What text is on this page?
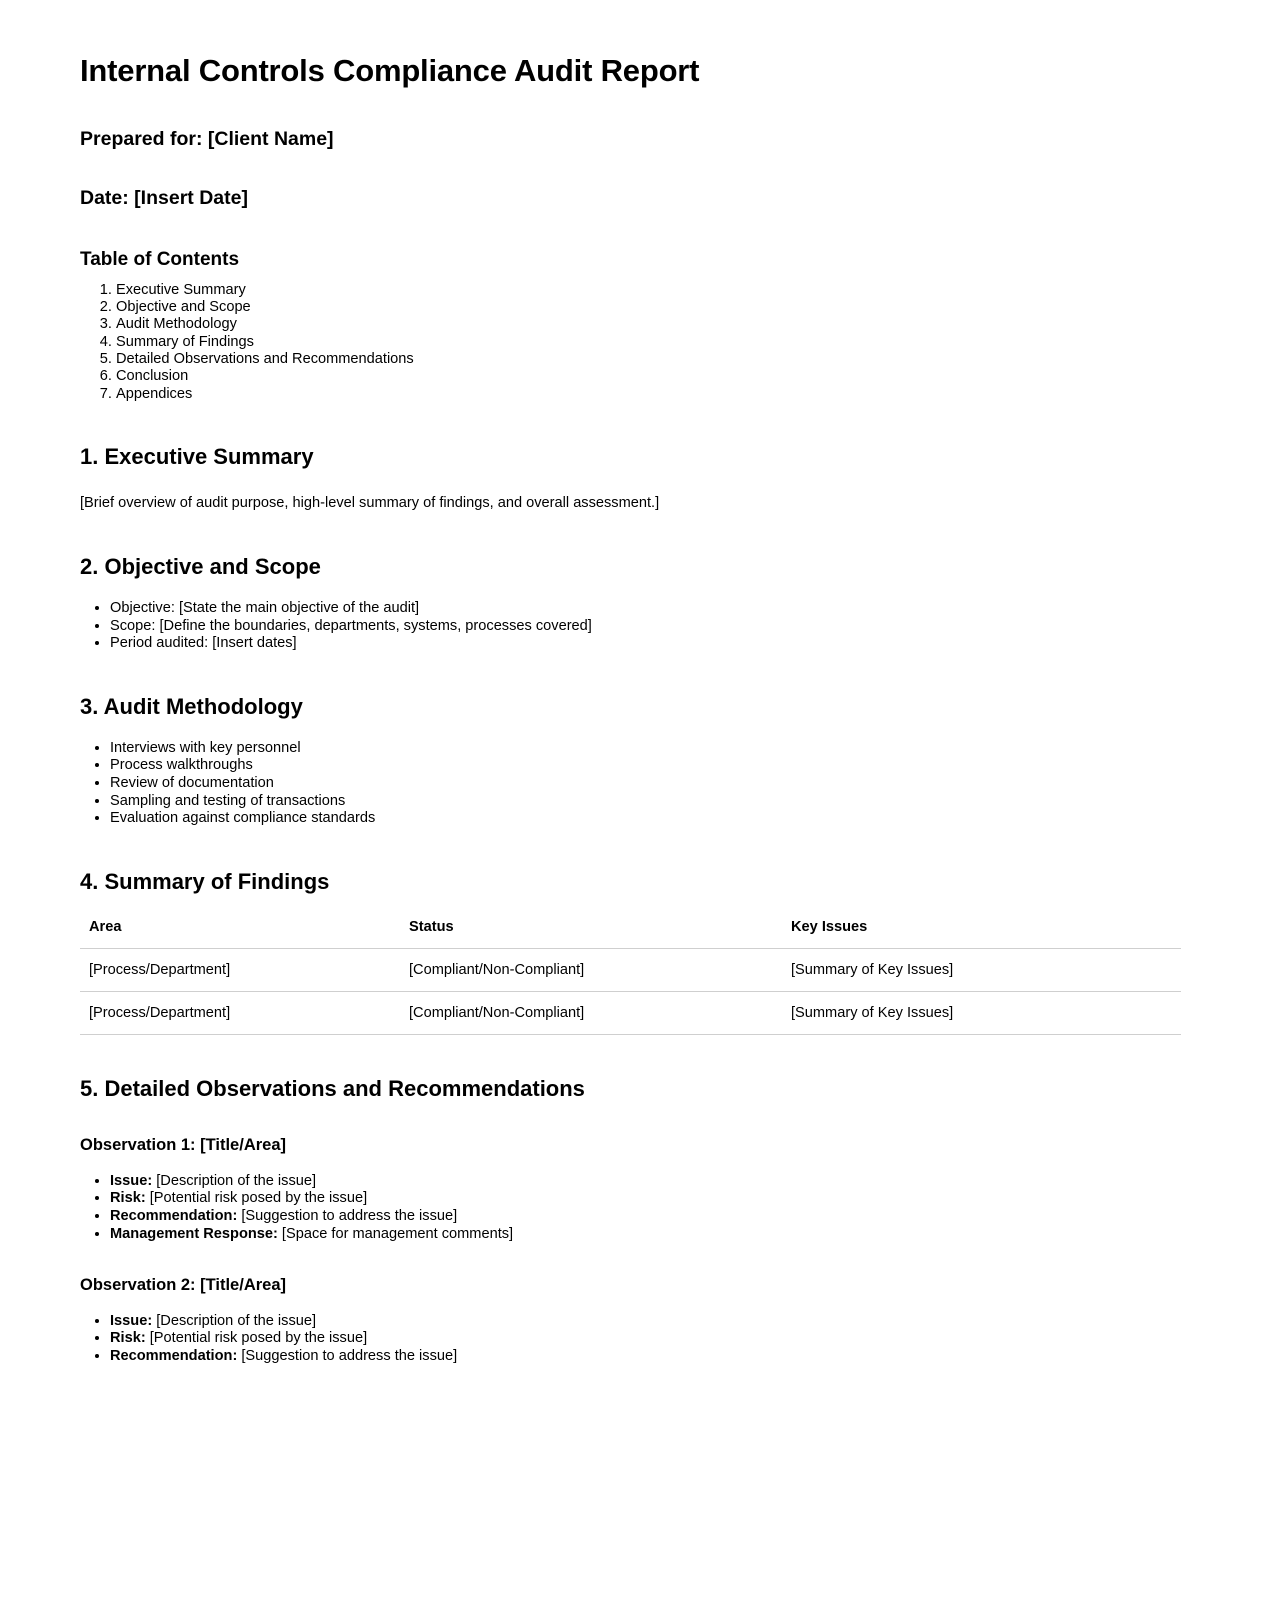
Internal Controls Compliance Audit Report
Prepared for: [Client Name]
Date: [Insert Date]
Table of Contents
1. Executive Summary
2. Objective and Scope
3. Audit Methodology
4. Summary of Findings
5. Detailed Observations and Recommendations
6. Conclusion
7. Appendices
1. Executive Summary

[Brief overview of audit purpose, high-level summary of findings, and overall assessment.]

2. Objective and Scope
• Objective: [State the main objective of the audit]
• Scope: [Define the boundaries, departments, systems, processes covered]
• Period audited: [Insert dates]
3. Audit Methodology
• Interviews with key personnel
• Process walkthroughs
• Review of documentation
• Sampling and testing of transactions
• Evaluation against compliance standards
4. Summary of Findings
Area	Status	Key Issues
[Process/Department]	[Compliant/Non-Compliant]	[Summary of Key Issues]
[Process/Department]	[Compliant/Non-Compliant]	[Summary of Key Issues]
5. Detailed Observations and Recommendations
Observation 1: [Title/Area]
• Issue: [Description of the issue]
• Risk: [Potential risk posed by the issue]
• Recommendation: [Suggestion to address the issue]
• Management Response: [Space for management comments]
Observation 2: [Title/Area]
• Issue: [Description of the issue]
• Risk: [Potential risk posed by the issue]
• Recommendation: [Suggestion to address the issue]
